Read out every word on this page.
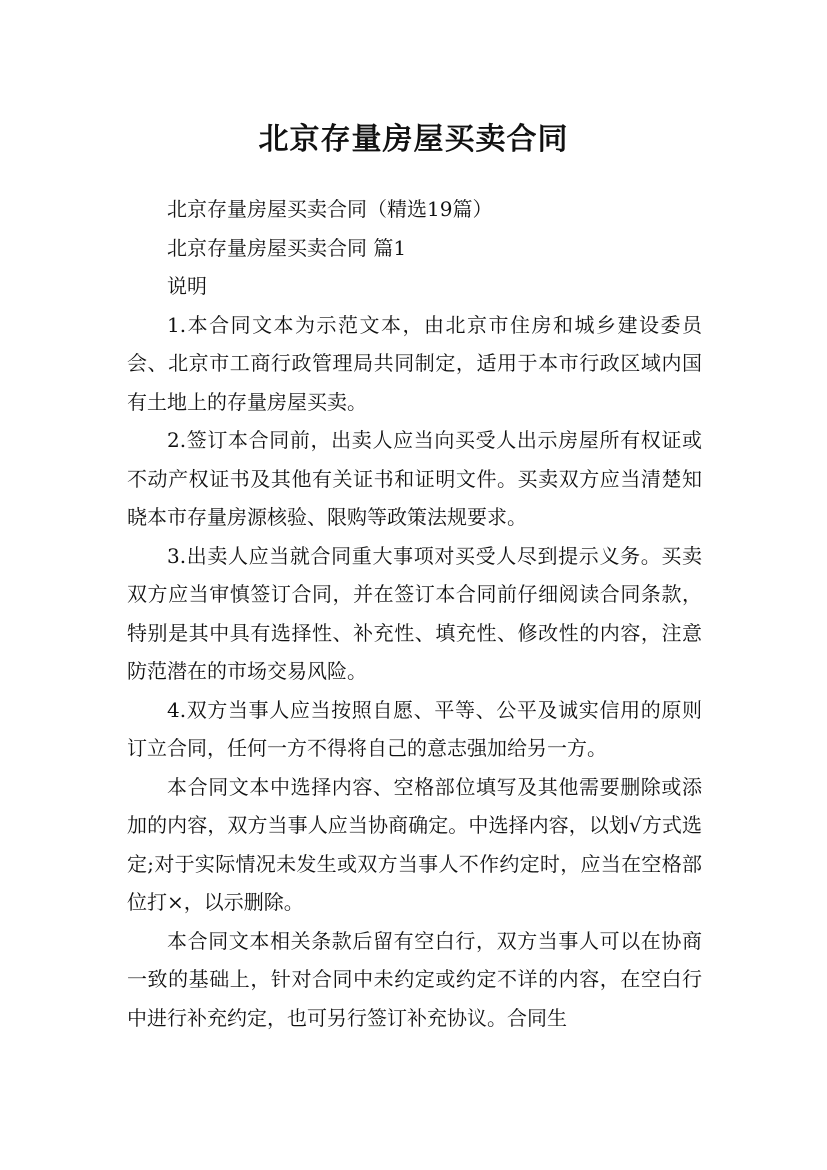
北京存量房屋买卖合同

北京存量房屋买卖合同（精选19篇）

北京存量房屋买卖合同 篇1

说明

1.本合同文本为示范文本，由北京市住房和城乡建设委员会、北京市工商行政管理局共同制定，适用于本市行政区域内国有土地上的存量房屋买卖。

2.签订本合同前，出卖人应当向买受人出示房屋所有权证或不动产权证书及其他有关证书和证明文件。买卖双方应当清楚知晓本市存量房源核验、限购等政策法规要求。

3.出卖人应当就合同重大事项对买受人尽到提示义务。买卖双方应当审慎签订合同，并在签订本合同前仔细阅读合同条款，特别是其中具有选择性、补充性、填充性、修改性的内容，注意防范潜在的市场交易风险。

4.双方当事人应当按照自愿、平等、公平及诚实信用的原则订立合同，任何一方不得将自己的意志强加给另一方。

本合同文本中选择内容、空格部位填写及其他需要删除或添加的内容，双方当事人应当协商确定。中选择内容，以划√方式选定;对于实际情况未发生或双方当事人不作约定时，应当在空格部位打×，以示删除。

本合同文本相关条款后留有空白行，双方当事人可以在协商一致的基础上，针对合同中未约定或约定不详的内容，在空白行中进行补充约定，也可另行签订补充协议。合同生
